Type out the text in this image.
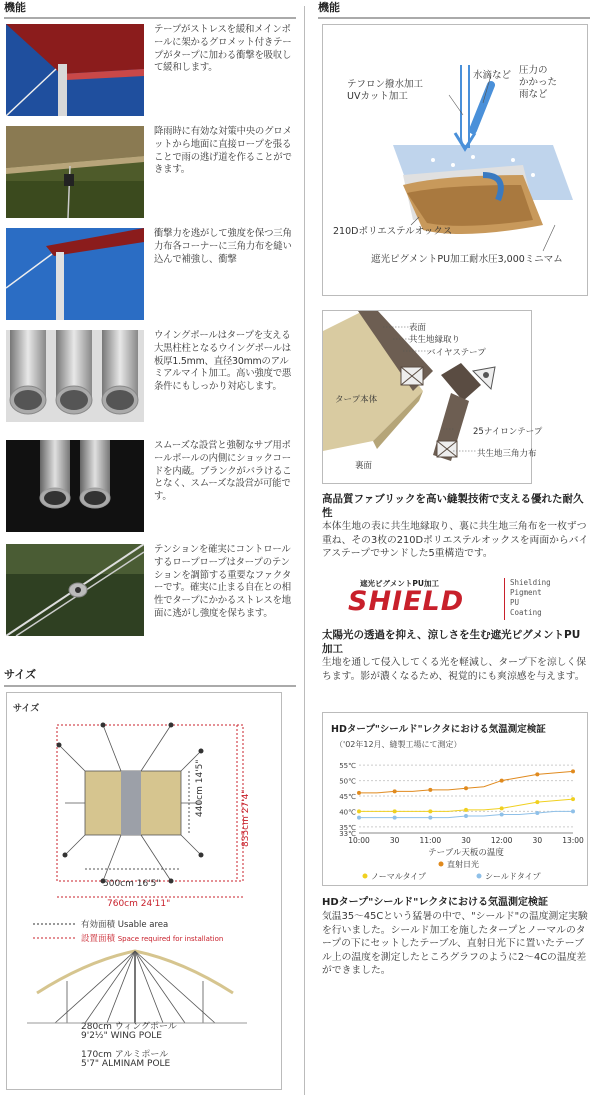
機能
テープがストレスを緩和メインポールに架かるグロメット付きテープがタープに加わる衝撃を吸収して緩和します。
降雨時に有効な対策中央のグロメットから地面に直接ロープを張ることで雨の逃げ道を作ることができます。
衝撃力を逃がして強度を保つ三角力布各コーナーに三角力布を縫い込んで補強し、衝撃
ウイングポールはタープを支える大黒柱柱となるウイングポールは板厚1.5mm、直径30mmのアルミアルマイト加工。高い強度で悪条件にもしっかり対応します。
スムーズな設営と強靭なサブ用ポールポールの内側にショックコードを内蔵。ブランクがバラけることなく、スムーズな設営が可能です。
テンションを確実にコントロールするロープロープはタープのテンションを調節する重要なファクターです。確実に止まる自在との相性でタープにかかるストレスを地面に逃がし強度を保ちます。
サイズ
サイズ
500cm 16'5"
440cm 14'5"
760cm 24'11"
835cm 27'4"
有効面積 Usable area
設置面積 Space required for installation
280cm ウィングポール
9'2½" WING POLE
170cm アルミポール
5'7" ALMINAM POLE
機能
水滴など 圧力の
かかった
雨など
テフロン撥水加工
UVカット加工
210Dポリエステルオックス
遮光ピグメントPU加工耐水圧3,000ミニマム
表面
共生地縁取り
バイヤステープ
タープ本体
25ナイロンテープ
裏面
共生地三角力布
高品質ファブリックを高い縫製技術で支える優れた耐久性
本体生地の表に共生地縁取り、裏に共生地三角布を一枚ずつ重ね、その3枚の210Dポリエステルオックスを両面からバイアステープでサンドした5重構造です。
遮光ピグメントPU加工
SHIELD
Shielding
Pigment
PU
Coating
太陽光の透過を抑え、涼しさを生む遮光ピグメントPU加工
生地を通して侵入してくる光を軽減し、タープ下を涼しく保ちます。影が濃くなるため、視覚的にも爽涼感を与えます。
HDタープ"シールド"レクタにおける気温測定検証
（'02年12月、縫製工場にて測定）
33℃
35℃
40℃
45℃
50℃
55℃
10:00	30	11:00	30	12:00	30	13:00
テーブル天板の温度
直射日光
ノーマルタイプ	シールドタイプ
HDタープ"シールド"レクタにおける気温測定検証
気温35〜45Cという猛暑の中で、"シールド"の温度測定実験を行いました。シールド加工を施したタープとノーマルのタープの下にセットしたテーブル、直射日光下に置いたテーブル上の温度を測定したところグラフのように2〜4Cの温度差ができました。
